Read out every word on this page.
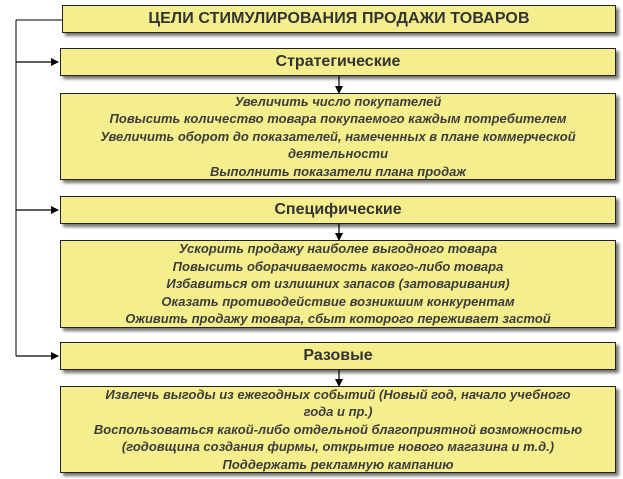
ЦЕЛИ СТИМУЛИРОВАНИЯ ПРОДАЖИ ТОВАРОВ
Стратегические
Увеличить число покупателей
Повысить количество товара покупаемого каждым потребителем
Увеличить оборот до показателей, намеченных в плане коммерческой
деятельности
Выполнить показатели плана продаж
Специфические
Ускорить продажу наиболее выгодного товара
Повысить оборачиваемость какого-либо товара
Избавиться от излишних запасов (затоваривания)
Оказать противодействие возникшим конкурентам
Оживить продажу товара, сбыт которого переживает застой
Разовые
Извлечь выгоды из ежегодных событий (Новый год, начало учебного
года и пр.)
Воспользоваться какой-либо отдельной благоприятной возможностью
(годовщина создания фирмы, открытие нового магазина и т.д.)
Поддержать рекламную кампанию
